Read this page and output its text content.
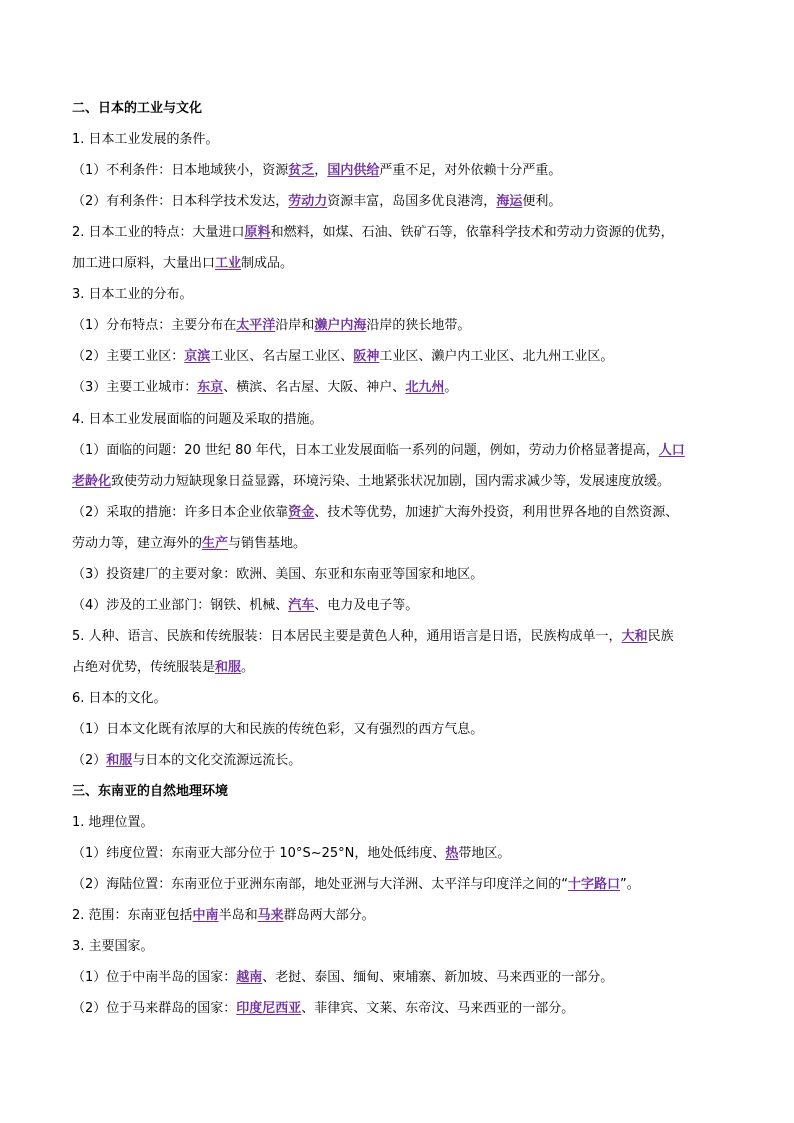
二、日本的工业与文化
1. 日本工业发展的条件。
（1）不利条件：日本地域狭小，资源贫乏，国内供给严重不足，对外依赖十分严重。
（2）有利条件：日本科学技术发达，劳动力资源丰富，岛国多优良港湾，海运便利。
2. 日本工业的特点：大量进口原料和燃料，如煤、石油、铁矿石等，依靠科学技术和劳动力资源的优势，
加工进口原料，大量出口工业制成品。
3. 日本工业的分布。
（1）分布特点：主要分布在太平洋沿岸和濑户内海沿岸的狭长地带。
（2）主要工业区：京滨工业区、名古屋工业区、阪神工业区、濑户内工业区、北九州工业区。
（3）主要工业城市：东京、横滨、名古屋、大阪、神户、北九州。
4. 日本工业发展面临的问题及采取的措施。
（1）面临的问题：20 世纪 80 年代，日本工业发展面临一系列的问题，例如，劳动力价格显著提高，人口
老龄化致使劳动力短缺现象日益显露，环境污染、土地紧张状况加剧，国内需求减少等，发展速度放缓。
（2）采取的措施：许多日本企业依靠资金、技术等优势，加速扩大海外投资，利用世界各地的自然资源、
劳动力等，建立海外的生产与销售基地。
（3）投资建厂的主要对象：欧洲、美国、东亚和东南亚等国家和地区。
（4）涉及的工业部门：钢铁、机械、汽车、电力及电子等。
5. 人种、语言、民族和传统服装：日本居民主要是黄色人种，通用语言是日语，民族构成单一，大和民族
占绝对优势，传统服装是和服。
6. 日本的文化。
（1）日本文化既有浓厚的大和民族的传统色彩，又有强烈的西方气息。
（2）和服与日本的文化交流源远流长。
三、东南亚的自然地理环境
1. 地理位置。
（1）纬度位置：东南亚大部分位于 10°S~25°N，地处低纬度、热带地区。
（2）海陆位置：东南亚位于亚洲东南部，地处亚洲与大洋洲、太平洋与印度洋之间的“十字路口”。
2. 范围：东南亚包括中南半岛和马来群岛两大部分。
3. 主要国家。
（1）位于中南半岛的国家：越南、老挝、泰国、缅甸、柬埔寨、新加坡、马来西亚的一部分。
（2）位于马来群岛的国家：印度尼西亚、菲律宾、文莱、东帝汶、马来西亚的一部分。
